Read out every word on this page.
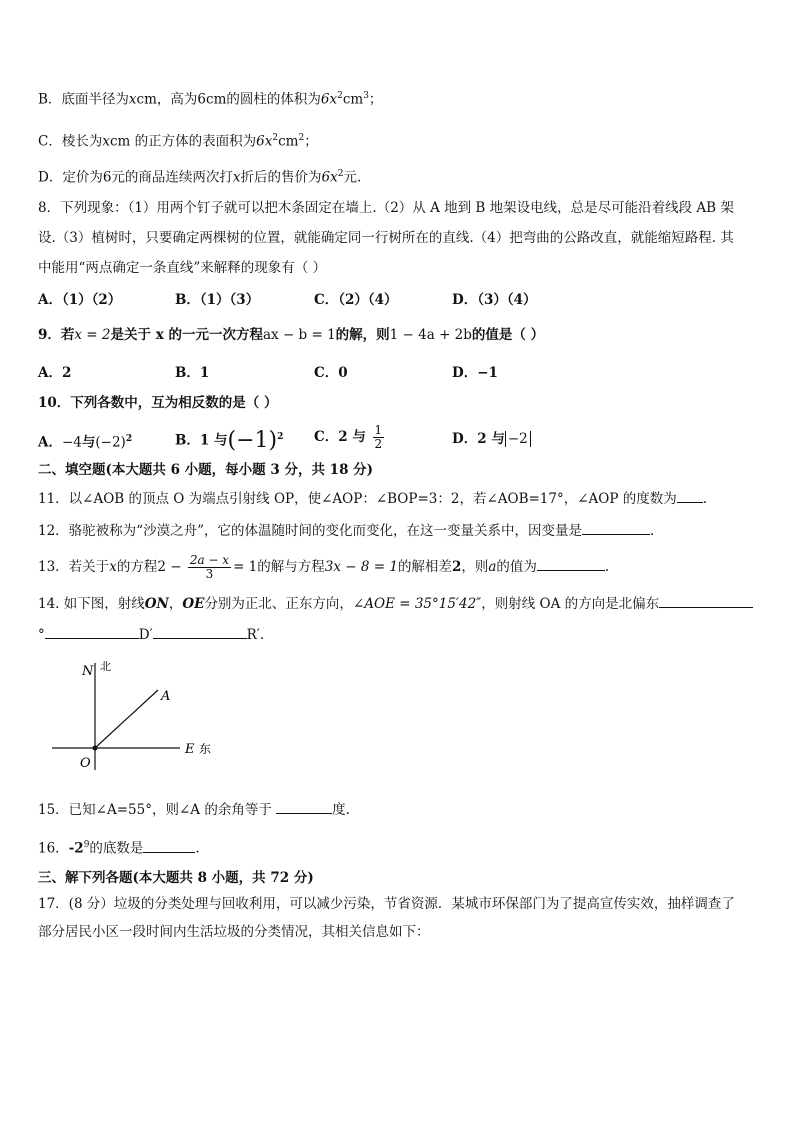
B．底面半径为xcm，高为6cm的圆柱的体积为$6x^2cm^3$；
C．棱长为xcm 的正方体的表面积为$6x^2cm^2$；
D．定价为6元的商品连续两次打x折后的售价为$6x^2$元.
8．下列现象：（1）用两个钉子就可以把木条固定在墙上.（2）从 A 地到 B 地架设电线，总是尽可能沿着线段 AB 架
设.（3）植树时，只要确定两棵树的位置，就能确定同一行树所在的直线.（4）把弯曲的公路改直，就能缩短路程. 其
中能用“两点确定一条直线”来解释的现象有（ ）
A．（1）（2）	B．（1）（3）	C．（2）（4）	D．（3）（4）
9．若x = 2是关于 x 的一元一次方程ax − b = 1的解，则1 − 4a + 2b的值是（ ）
A．2	B．1	C．0	D．−1
10．下列各数中，互为相反数的是（ ）
A．−4与$(-2)^2$	B．1 与$(-1)^2$ C．2 与 $\frac{1}{2}$	D．2 与 −2
二、填空题(本大题共 6 小题，每小题 3 分，共 18 分)
11．以∠AOB 的顶点 O 为端点引射线 OP，使∠AOP：∠BOP=3：2，若∠AOB=17°，∠AOP 的度数为 .
12．骆驼被称为“沙漠之舟”，它的体温随时间的变化而变化，在这一变量关系中，因变量是	.
13．若关于x的方程$2 - \frac{2a - x}{3} = 1$的解与方程3x − 8 = 1的解相差2，则a的值为	.
14. 如下图，射线ON，OE分别为正北、正东方向，∠AOE = 35°15′42″，则射线 OA 的方向是北偏东
°	D′	R′.
N 北
A
E 东
O
15．已知∠A=55°，则∠A 的余角等于	度.
16．$-2^9$的底数是	.
三、解下列各题(本大题共 8 小题，共 72 分)
17．(8 分）垃圾的分类处理与回收利用，可以减少污染，节省资源．某城市环保部门为了提高宣传实效，抽样调查了
部分居民小区一段时间内生活垃圾的分类情况，其相关信息如下：
